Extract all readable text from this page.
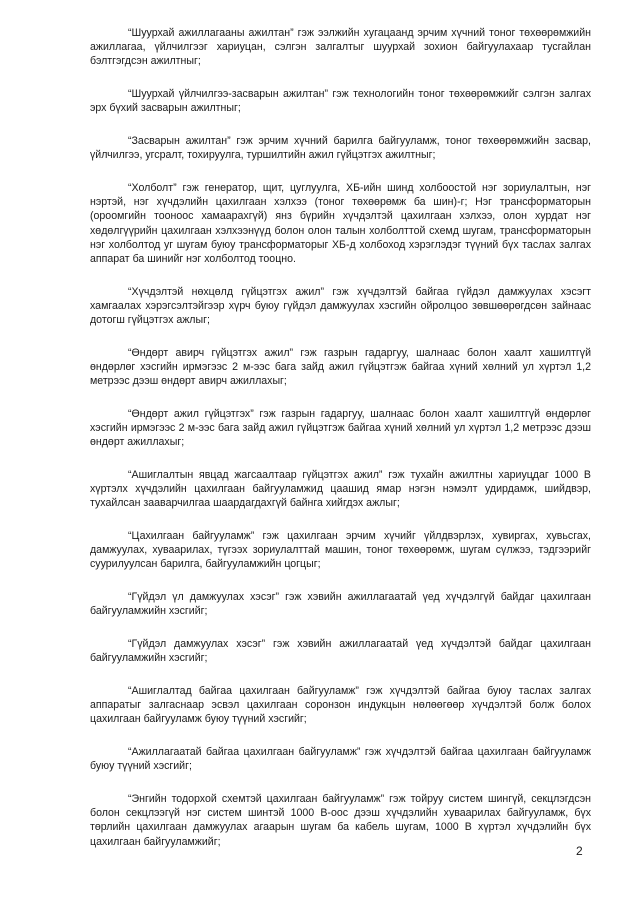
“Шуурхай ажиллагааны ажилтан” гэж ээлжийн хугацаанд эрчим хүчний тоног төхөөрөмжийн ажиллагаа, үйлчилгээг хариуцан, сэлгэн залгалтыг шуурхай зохион байгуулахаар тусгайлан бэлтгэгдсэн ажилтныг;

“Шуурхай үйлчилгээ-засварын ажилтан” гэж технологийн тоног төхөөрөмжийг сэлгэн залгах эрх бүхий засварын ажилтныг;

“Засварын ажилтан” гэж эрчим хүчний барилга байгууламж, тоног төхөөрөмжийн засвар, үйлчилгээ, угсралт, тохируулга, туршилтийн ажил гүйцэтгэх ажилтныг;

“Холболт” гэж генератор, щит, цуглуулга, ХБ-ийн шинд холбоостой нэг зориулалтын, нэг нэртэй, нэг хүчдэлийн цахилгаан хэлхээ (тоног төхөөрөмж ба шин)-г; Нэг трансформаторын (ороомгийн тооноос хамаарахгүй) янз бүрийн хүчдэлтэй цахилгаан хэлхээ, олон хурдат нэг хөдөлгүүрийн цахилгаан хэлхээнүүд болон олон талын холболттой схемд шугам, трансформаторын нэг холболтод уг шугам буюу трансформаторыг ХБ-д холбоход хэрэглэдэг түүний бүх таслах залгах аппарат ба шинийг нэг холболтод тооцно.

“Хүчдэлтэй нөхцөлд гүйцэтгэх ажил” гэж хүчдэлтэй байгаа гүйдэл дамжуулах хэсэгт хамгаалах хэрэгсэлтэйгээр хүрч буюу гүйдэл дамжуулах хэсгийн ойролцоо зөвшөөрөгдсөн зайнаас дотогш гүйцэтгэх ажлыг;

“Өндөрт авирч гүйцэтгэх ажил” гэж газрын гадаргуу, шалнаас болон хаалт хашилтгүй өндөрлөг хэсгийн ирмэгээс 2 м-ээс бага зайд ажил гүйцэтгэж байгаа хүний хөлний ул хүртэл 1,2 метрээс дээш өндөрт авирч ажиллахыг;

“Өндөрт ажил гүйцэтгэх” гэж газрын гадаргуу, шалнаас болон хаалт хашилтгүй өндөрлөг хэсгийн ирмэгээс 2 м-ээс бага зайд ажил гүйцэтгэж байгаа хүний хөлний ул хүртэл 1,2 метрээс дээш өндөрт ажиллахыг;

“Ашиглалтын явцад жагсаалтаар гүйцэтгэх ажил” гэж тухайн ажилтны хариуцдаг 1000 В хүртэлх хүчдэлийн цахилгаан байгууламжид цаашид ямар нэгэн нэмэлт удирдамж, шийдвэр, тухайлсан зааварчилгаа шаардагдахгүй байнга хийгдэх ажлыг;

“Цахилгаан байгууламж” гэж цахилгаан эрчим хүчийг үйлдвэрлэх, хувиргах, хувьсгах, дамжуулах, хуваарилах, түгээх зориулалттай машин, тоног төхөөрөмж, шугам сүлжээ, тэдгээрийг суурилуулсан барилга, байгууламжийн цогцыг;

“Гүйдэл үл дамжуулах хэсэг” гэж хэвийн ажиллагаатай үед хүчдэлгүй байдаг цахилгаан байгууламжийн хэсгийг;

“Гүйдэл дамжуулах хэсэг” гэж хэвийн ажиллагаатай үед хүчдэлтэй байдаг цахилгаан байгууламжийн хэсгийг;

“Ашиглалтад байгаа цахилгаан байгууламж” гэж хүчдэлтэй байгаа буюу таслах залгах аппаратыг залгаснаар эсвэл цахилгаан соронзон индукцын нөлөөгөөр хүчдэлтэй болж болох цахилгаан байгууламж буюу түүний хэсгийг;

“Ажиллагаатай байгаа цахилгаан байгууламж” гэж хүчдэлтэй байгаа цахилгаан байгууламж буюу түүний хэсгийг;

“Энгийн тодорхой схемтэй цахилгаан байгууламж” гэж тойруу систем шингүй, секцлэгдсэн болон секцлээгүй нэг систем шинтэй 1000 В-оос дээш хүчдэлийн хуваарилах байгууламж, бүх төрлийн цахилгаан дамжуулах агаарын шугам ба кабель шугам, 1000 В хүртэл хүчдэлийн бүх цахилгаан байгууламжийг;

2
